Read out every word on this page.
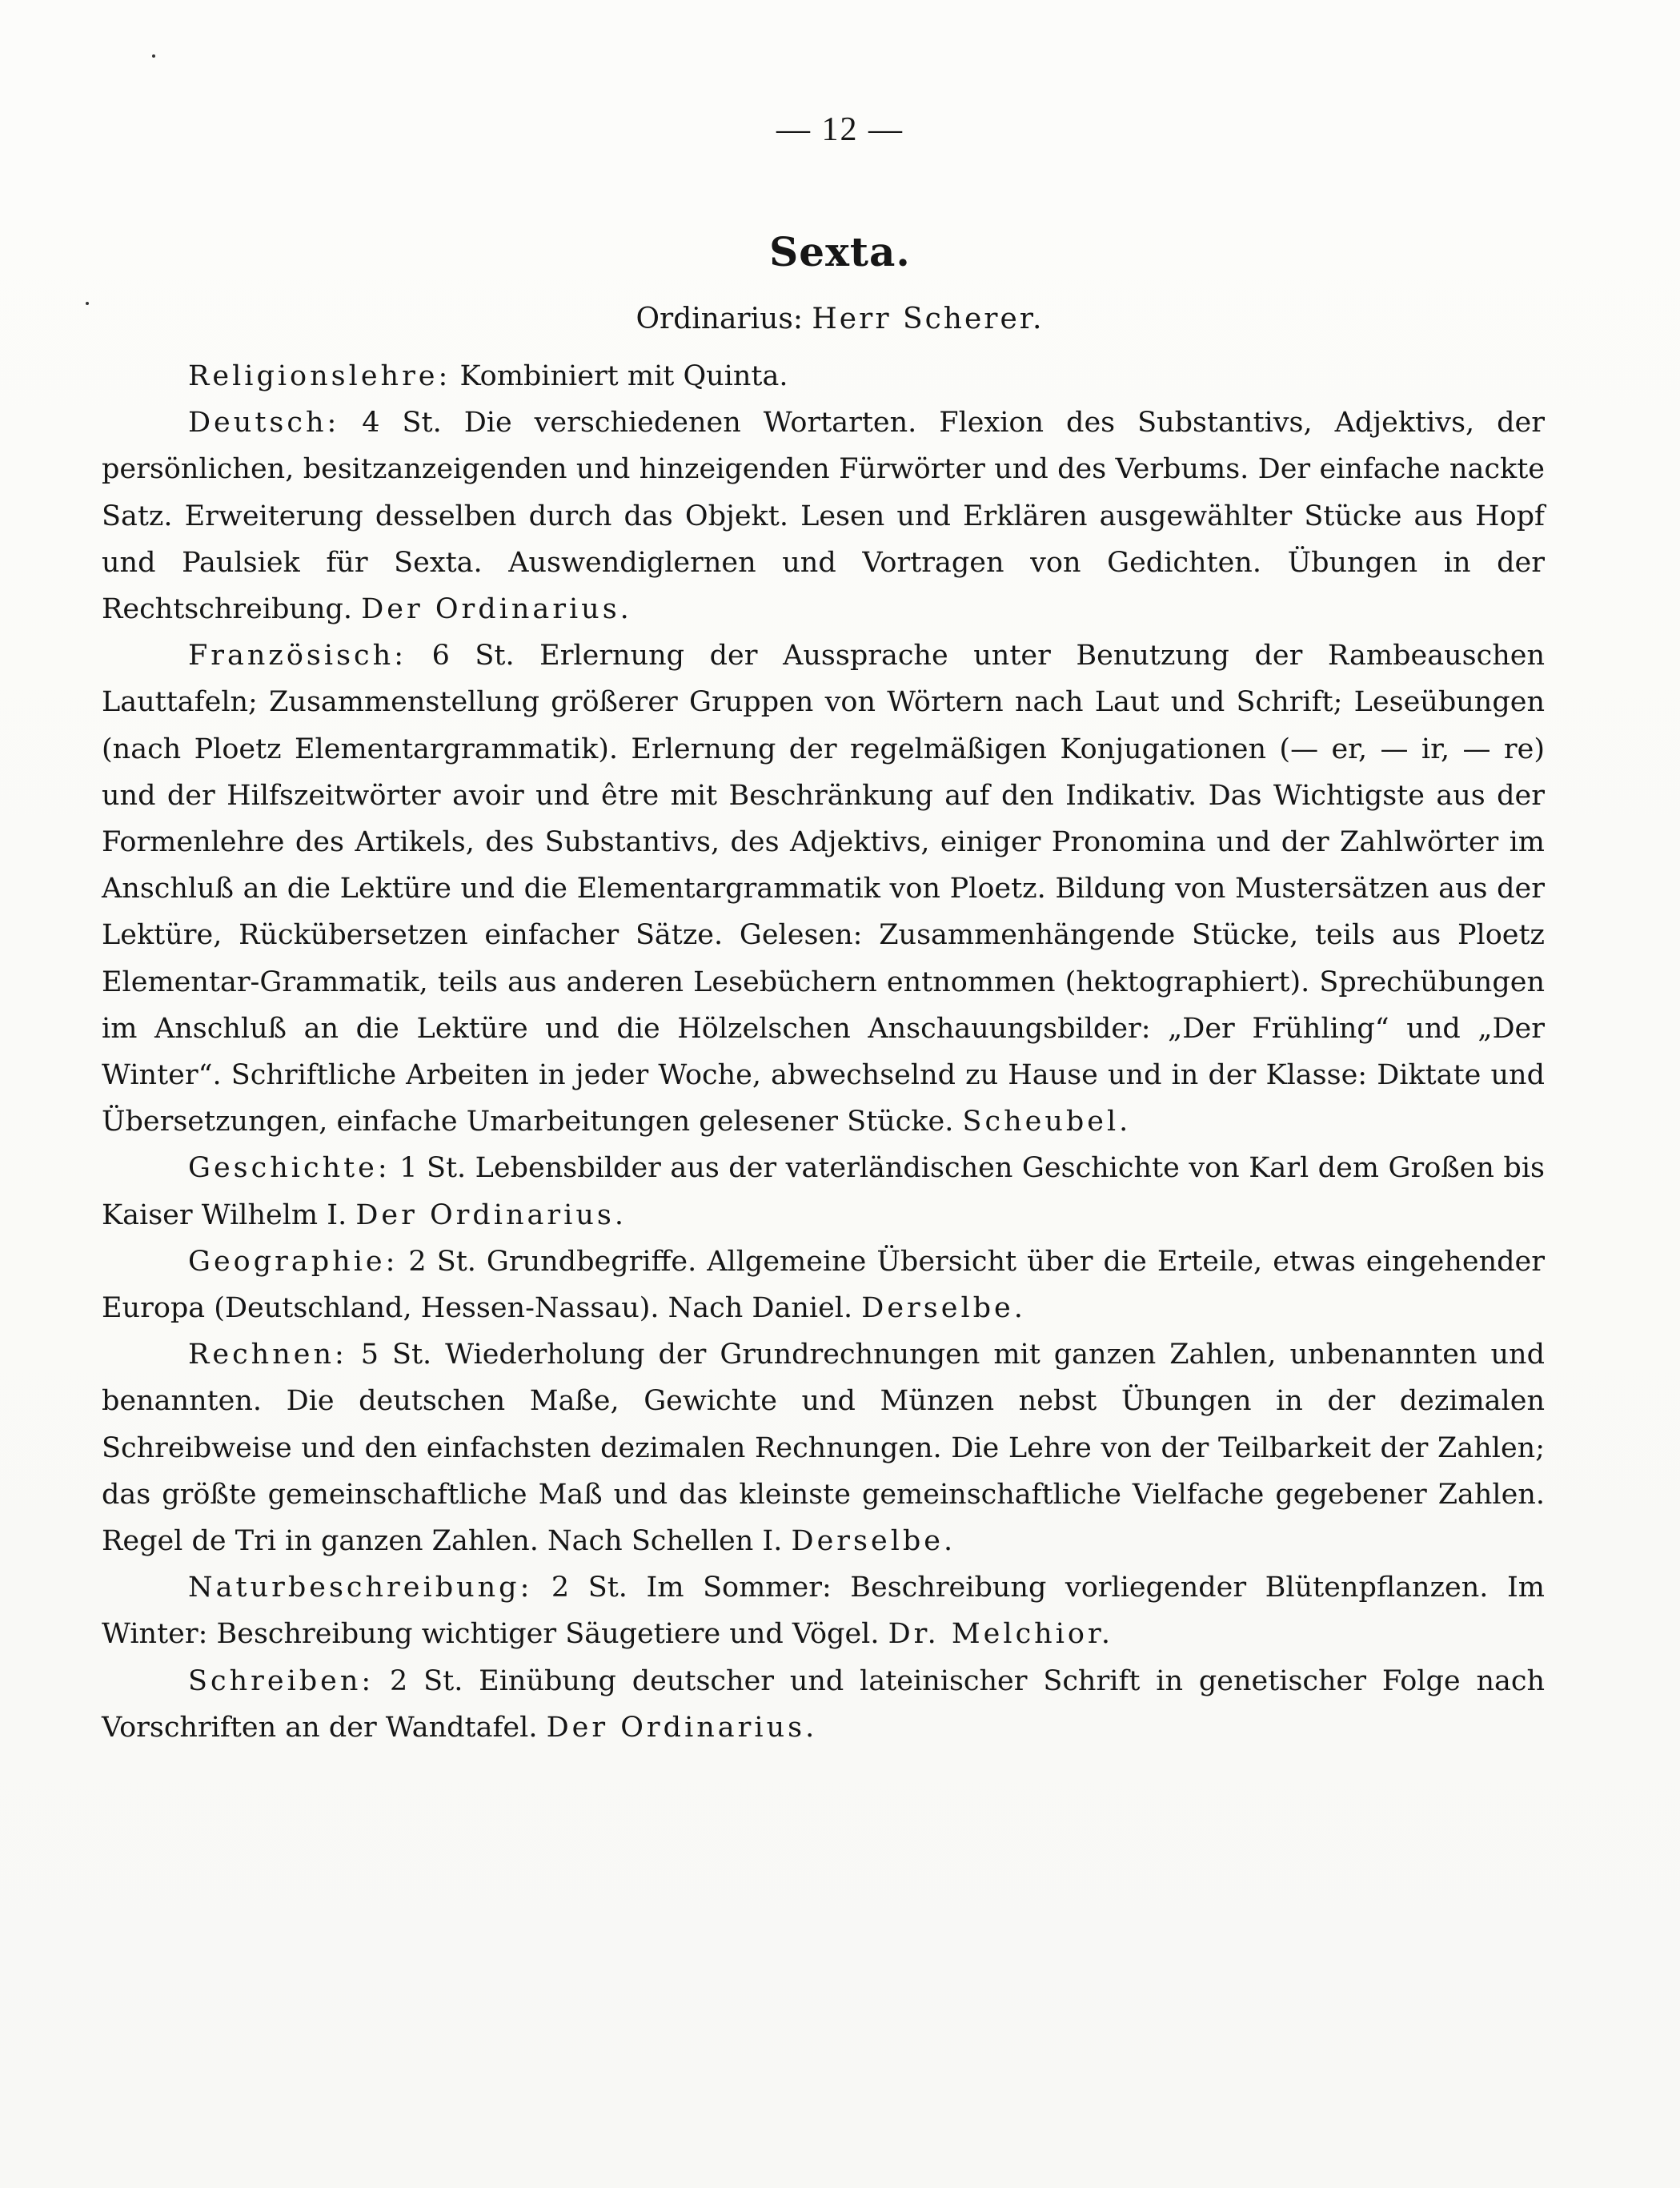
— 12 —
Sexta.
Ordinarius: Herr Scherer.

Religionslehre: Kombiniert mit Quinta.

Deutsch: 4 St. Die verschiedenen Wortarten. Flexion des Substantivs, Adjektivs, der persönlichen, besitzanzeigenden und hinzeigenden Fürwörter und des Verbums. Der einfache nackte Satz. Erweiterung desselben durch das Objekt. Lesen und Erklären ausgewählter Stücke aus Hopf und Paulsiek für Sexta. Auswendiglernen und Vortragen von Gedichten. Übungen in der Rechtschreibung. Der Ordinarius.

Französisch: 6 St. Erlernung der Aussprache unter Benutzung der Rambeauschen Lauttafeln; Zusammenstellung größerer Gruppen von Wörtern nach Laut und Schrift; Leseübungen (nach Ploetz Elementargrammatik). Erlernung der regelmäßigen Konjugationen (— er, — ir, — re) und der Hilfszeitwörter avoir und être mit Beschränkung auf den Indikativ. Das Wichtigste aus der Formenlehre des Artikels, des Substantivs, des Adjektivs, einiger Pronomina und der Zahlwörter im Anschluß an die Lektüre und die Elementargrammatik von Ploetz. Bildung von Mustersätzen aus der Lektüre, Rückübersetzen einfacher Sätze. Gelesen: Zusammenhängende Stücke, teils aus Ploetz Elementar-Grammatik, teils aus anderen Lesebüchern entnommen (hektographiert). Sprechübungen im Anschluß an die Lektüre und die Hölzelschen Anschauungsbilder: „Der Frühling“ und „Der Winter“. Schriftliche Arbeiten in jeder Woche, abwechselnd zu Hause und in der Klasse: Diktate und Übersetzungen, einfache Umarbeitungen gelesener Stücke. Scheubel.

Geschichte: 1 St. Lebensbilder aus der vaterländischen Geschichte von Karl dem Großen bis Kaiser Wilhelm I. Der Ordinarius.

Geographie: 2 St. Grundbegriffe. Allgemeine Übersicht über die Erteile, etwas eingehender Europa (Deutschland, Hessen-Nassau). Nach Daniel. Derselbe.

Rechnen: 5 St. Wiederholung der Grundrechnungen mit ganzen Zahlen, unbenannten und benannten. Die deutschen Maße, Gewichte und Münzen nebst Übungen in der dezimalen Schreibweise und den einfachsten dezimalen Rechnungen. Die Lehre von der Teilbarkeit der Zahlen; das größte gemeinschaftliche Maß und das kleinste gemeinschaftliche Vielfache gegebener Zahlen. Regel de Tri in ganzen Zahlen. Nach Schellen I. Derselbe.

Naturbeschreibung: 2 St. Im Sommer: Beschreibung vorliegender Blütenpflanzen. Im Winter: Beschreibung wichtiger Säugetiere und Vögel. Dr. Melchior.

Schreiben: 2 St. Einübung deutscher und lateinischer Schrift in genetischer Folge nach Vorschriften an der Wandtafel. Der Ordinarius.
